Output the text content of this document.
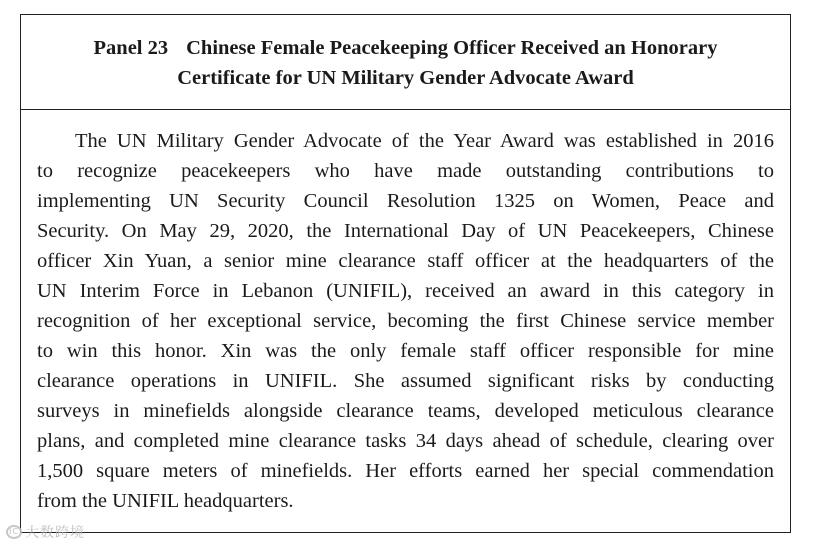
Panel 23 Chinese Female Peacekeeping Officer Received an Honorary
Certificate for UN Military Gender Advocate Award
The UN Military Gender Advocate of the Year Award was established in 2016
to recognize peacekeepers who have made outstanding contributions to
implementing UN Security Council Resolution 1325 on Women, Peace and
Security. On May 29, 2020, the International Day of UN Peacekeepers, Chinese
officer Xin Yuan, a senior mine clearance staff officer at the headquarters of the
UN Interim Force in Lebanon (UNIFIL), received an award in this category in
recognition of her exceptional service, becoming the first Chinese service member
to win this honor. Xin was the only female staff officer responsible for mine
clearance operations in UNIFIL. She assumed significant risks by conducting
surveys in minefields alongside clearance teams, developed meticulous clearance
plans, and completed mine clearance tasks 34 days ahead of schedule, clearing over
1,500 square meters of minefields. Her efforts earned her special commendation
from the UNIFIL headquarters.
IC 大数跨境
